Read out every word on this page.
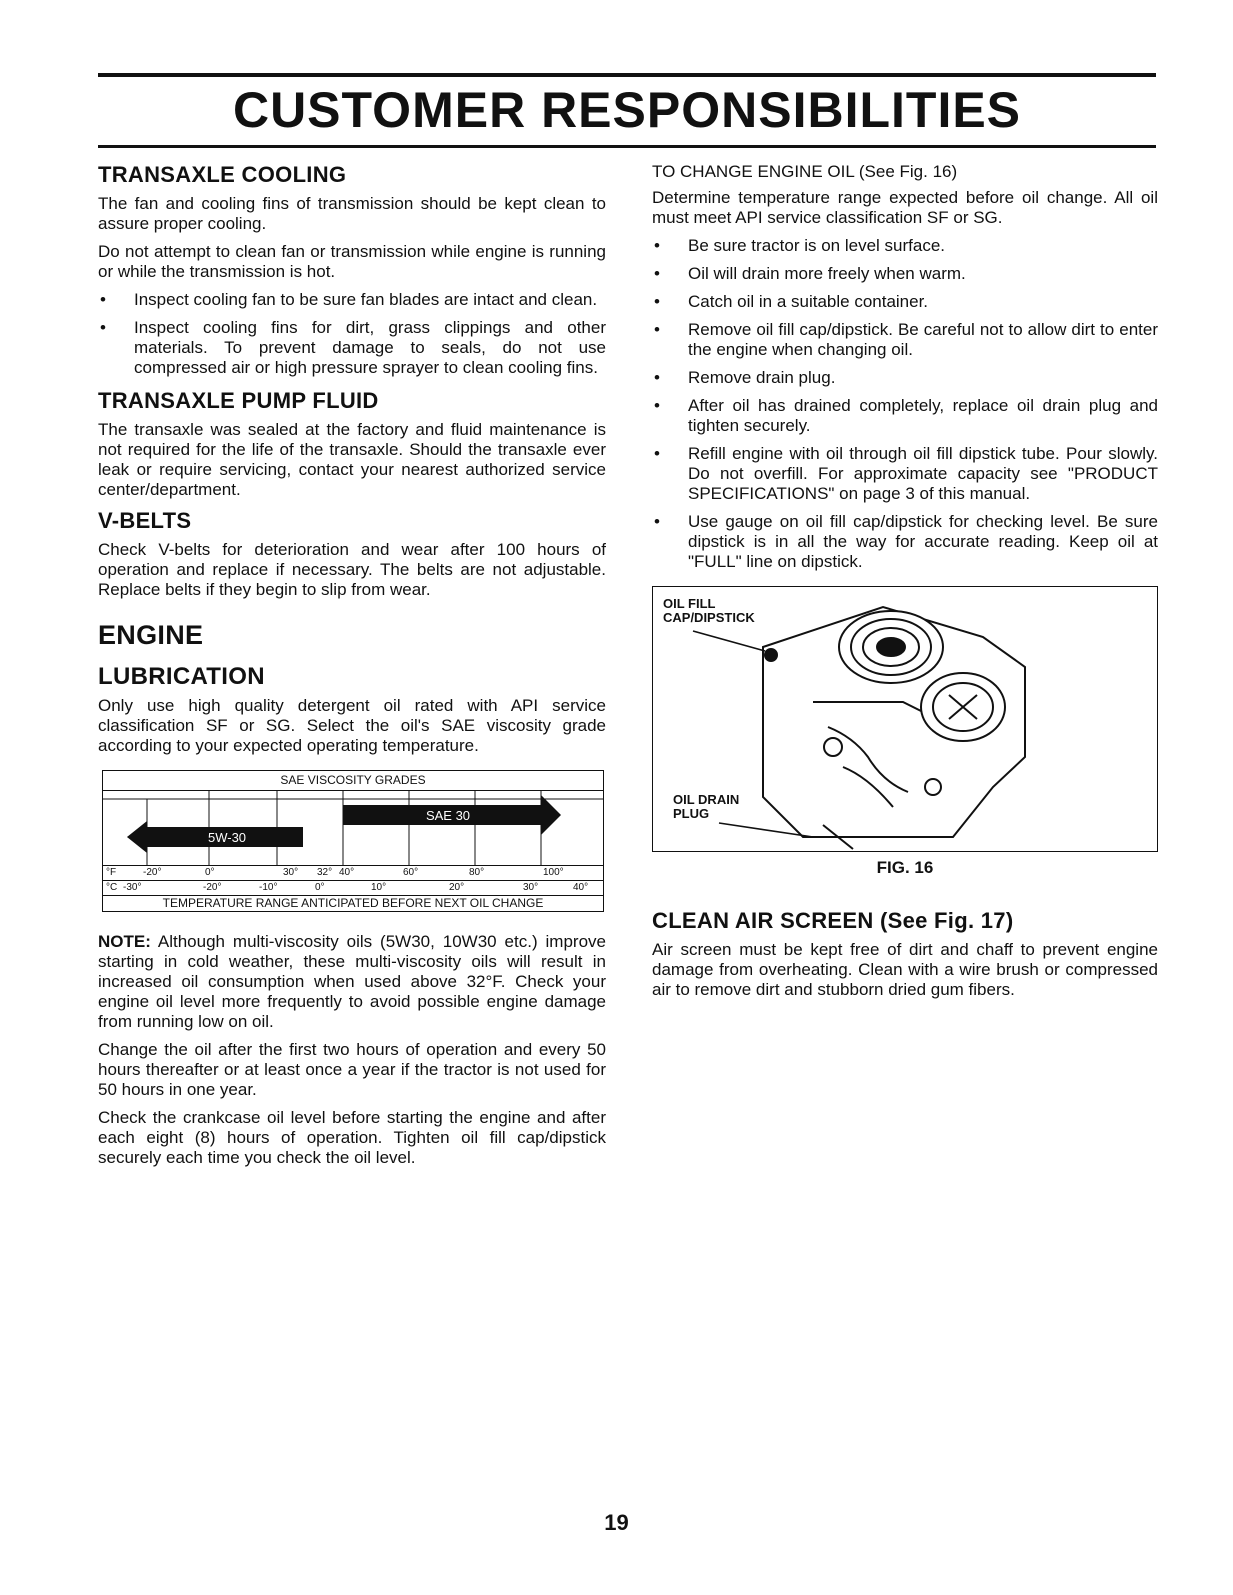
CUSTOMER RESPONSIBILITIES
TRANSAXLE COOLING

The fan and cooling fins of transmission should be kept clean to assure proper cooling.

Do not attempt to clean fan or transmission while engine is running or while the transmission is hot.

• Inspect cooling fan to be sure fan blades are intact and clean.
• Inspect cooling fins for dirt, grass clippings and other materials. To prevent damage to seals, do not use compressed air or high pressure sprayer to clean cooling fins.
TRANSAXLE PUMP FLUID

The transaxle was sealed at the factory and fluid maintenance is not required for the life of the transaxle. Should the transaxle ever leak or require servicing, contact your nearest authorized service center/department.

V-BELTS

Check V-belts for deterioration and wear after 100 hours of operation and replace if necessary. The belts are not adjustable. Replace belts if they begin to slip from wear.

ENGINE
LUBRICATION

Only use high quality detergent oil rated with API service classification SF or SG. Select the oil's SAE viscosity grade according to your expected operating temperature.

SAE VISCOSITY GRADES
SAE 30
5W-30
°F	-20°	0°	30° 32° 40°	60°	80°	100°
°C -30°	-20°	-10°	0°	10°	20°	30°	40°
TEMPERATURE RANGE ANTICIPATED BEFORE NEXT OIL CHANGE

NOTE: Although multi-viscosity oils (5W30, 10W30 etc.) improve starting in cold weather, these multi-viscosity oils will result in increased oil consumption when used above 32°F. Check your engine oil level more frequently to avoid possible engine damage from running low on oil.

Change the oil after the first two hours of operation and every 50 hours thereafter or at least once a year if the tractor is not used for 50 hours in one year.

Check the crankcase oil level before starting the engine and after each eight (8) hours of operation. Tighten oil fill cap/dipstick securely each time you check the oil level.

TO CHANGE ENGINE OIL (See Fig. 16)

Determine temperature range expected before oil change. All oil must meet API service classification SF or SG.

• Be sure tractor is on level surface.
• Oil will drain more freely when warm.
• Catch oil in a suitable container.
• Remove oil fill cap/dipstick. Be careful not to allow dirt to enter the engine when changing oil.
• Remove drain plug.
• After oil has drained completely, replace oil drain plug and tighten securely.
• Refill engine with oil through oil fill dipstick tube. Pour slowly. Do not overfill. For approximate capacity see "PRODUCT SPECIFICATIONS" on page 3 of this manual.
• Use gauge on oil fill cap/dipstick for checking level. Be sure dipstick is in all the way for accurate reading. Keep oil at "FULL" line on dipstick.
OIL FILL
CAP/DIPSTICK
OIL DRAIN
PLUG
FIG. 16
CLEAN AIR SCREEN (See Fig. 17)

Air screen must be kept free of dirt and chaff to prevent engine damage from overheating. Clean with a wire brush or compressed air to remove dirt and stubborn dried gum fibers.

19
